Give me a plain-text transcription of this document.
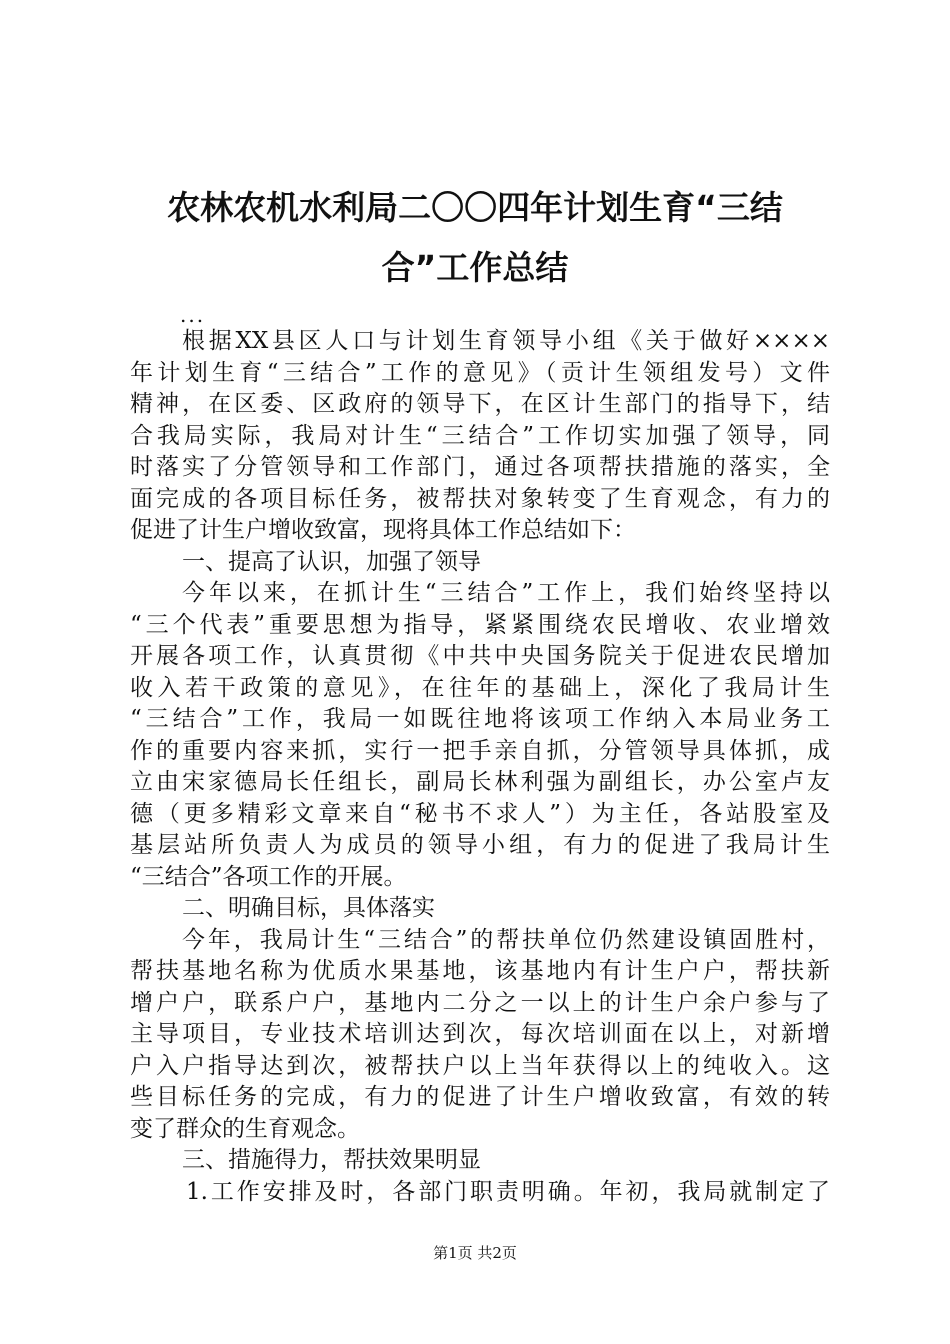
农林农机水利局二〇〇四年计划生育“三结
合”工作总结
...
根据XX县区人口与计划生育领导小组《关于做好××××
年计划生育“三结合”工作的意见》（贡计生领组发号）文件
精神，在区委、区政府的领导下，在区计生部门的指导下，结
合我局实际，我局对计生“三结合”工作切实加强了领导，同
时落实了分管领导和工作部门，通过各项帮扶措施的落实，全
面完成的各项目标任务，被帮扶对象转变了生育观念，有力的
促进了计生户增收致富，现将具体工作总结如下：
一、提高了认识，加强了领导
今年以来，在抓计生“三结合”工作上，我们始终坚持以
“三个代表”重要思想为指导，紧紧围绕农民增收、农业增效
开展各项工作，认真贯彻《中共中央国务院关于促进农民增加
收入若干政策的意见》，在往年的基础上，深化了我局计生
“三结合”工作，我局一如既往地将该项工作纳入本局业务工
作的重要内容来抓，实行一把手亲自抓，分管领导具体抓，成
立由宋家德局长任组长，副局长林利强为副组长，办公室卢友
德（更多精彩文章来自“秘书不求人”）为主任，各站股室及
基层站所负责人为成员的领导小组，有力的促进了我局计生
“三结合”各项工作的开展。
二、明确目标，具体落实
今年，我局计生“三结合”的帮扶单位仍然建设镇固胜村，
帮扶基地名称为优质水果基地，该基地内有计生户户，帮扶新
增户户，联系户户，基地内二分之一以上的计生户余户参与了
主导项目，专业技术培训达到次，每次培训面在以上，对新增
户入户指导达到次，被帮扶户以上当年获得以上的纯收入。这
些目标任务的完成，有力的促进了计生户增收致富，有效的转
变了群众的生育观念。
三、措施得力，帮扶效果明显
1.工作安排及时，各部门职责明确。年初，我局就制定了
第1页 共2页
